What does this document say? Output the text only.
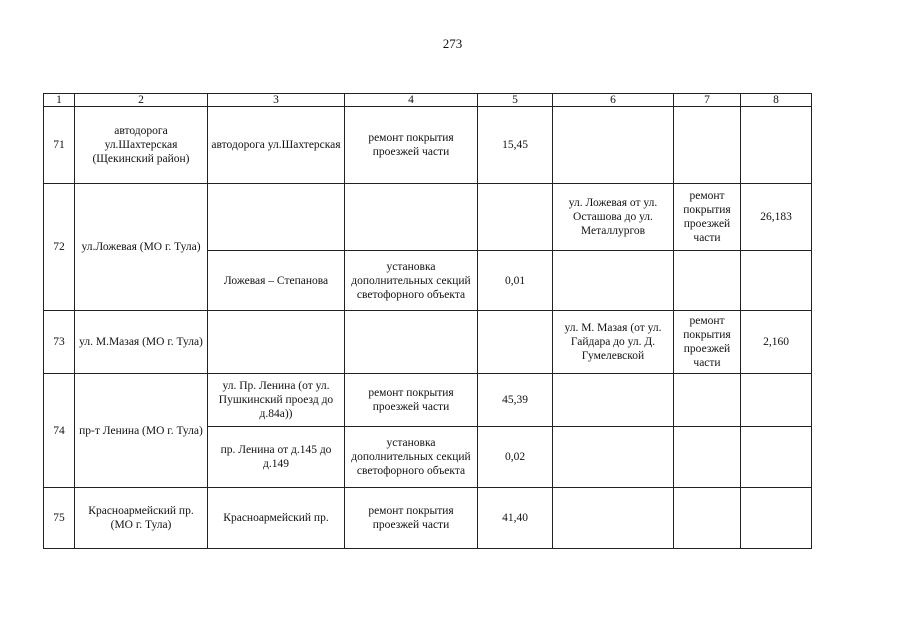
273
1	2	3	4	5	6	7	8
71	автодорога ул.Шахтерская (Щекинский район)	автодорога ул.Шахтерская	ремонт покрытия проезжей части	15,45			
72	ул.Ложевая (МО г. Тула)				ул. Ложевая от ул. Осташова до ул. Металлургов	ремонт покрытия проезжей части	26,183
		Ложевая – Степанова	установка дополнительных секций светофорного объекта	0,01			
73	ул. М.Мазая (МО г. Тула)				ул. М. Мазая (от ул. Гайдара до ул. Д. Гумелевской	ремонт покрытия проезжей части	2,160
74	пр-т Ленина (МО г. Тула)	ул. Пр. Ленина (от ул. Пушкинский проезд до д.84а))	ремонт покрытия проезжей части	45,39			
		пр. Ленина от д.145 до д.149	установка дополнительных секций светофорного объекта	0,02			
75	Красноармейский пр. (МО г. Тула)	Красноармейский пр.	ремонт покрытия проезжей части	41,40			
